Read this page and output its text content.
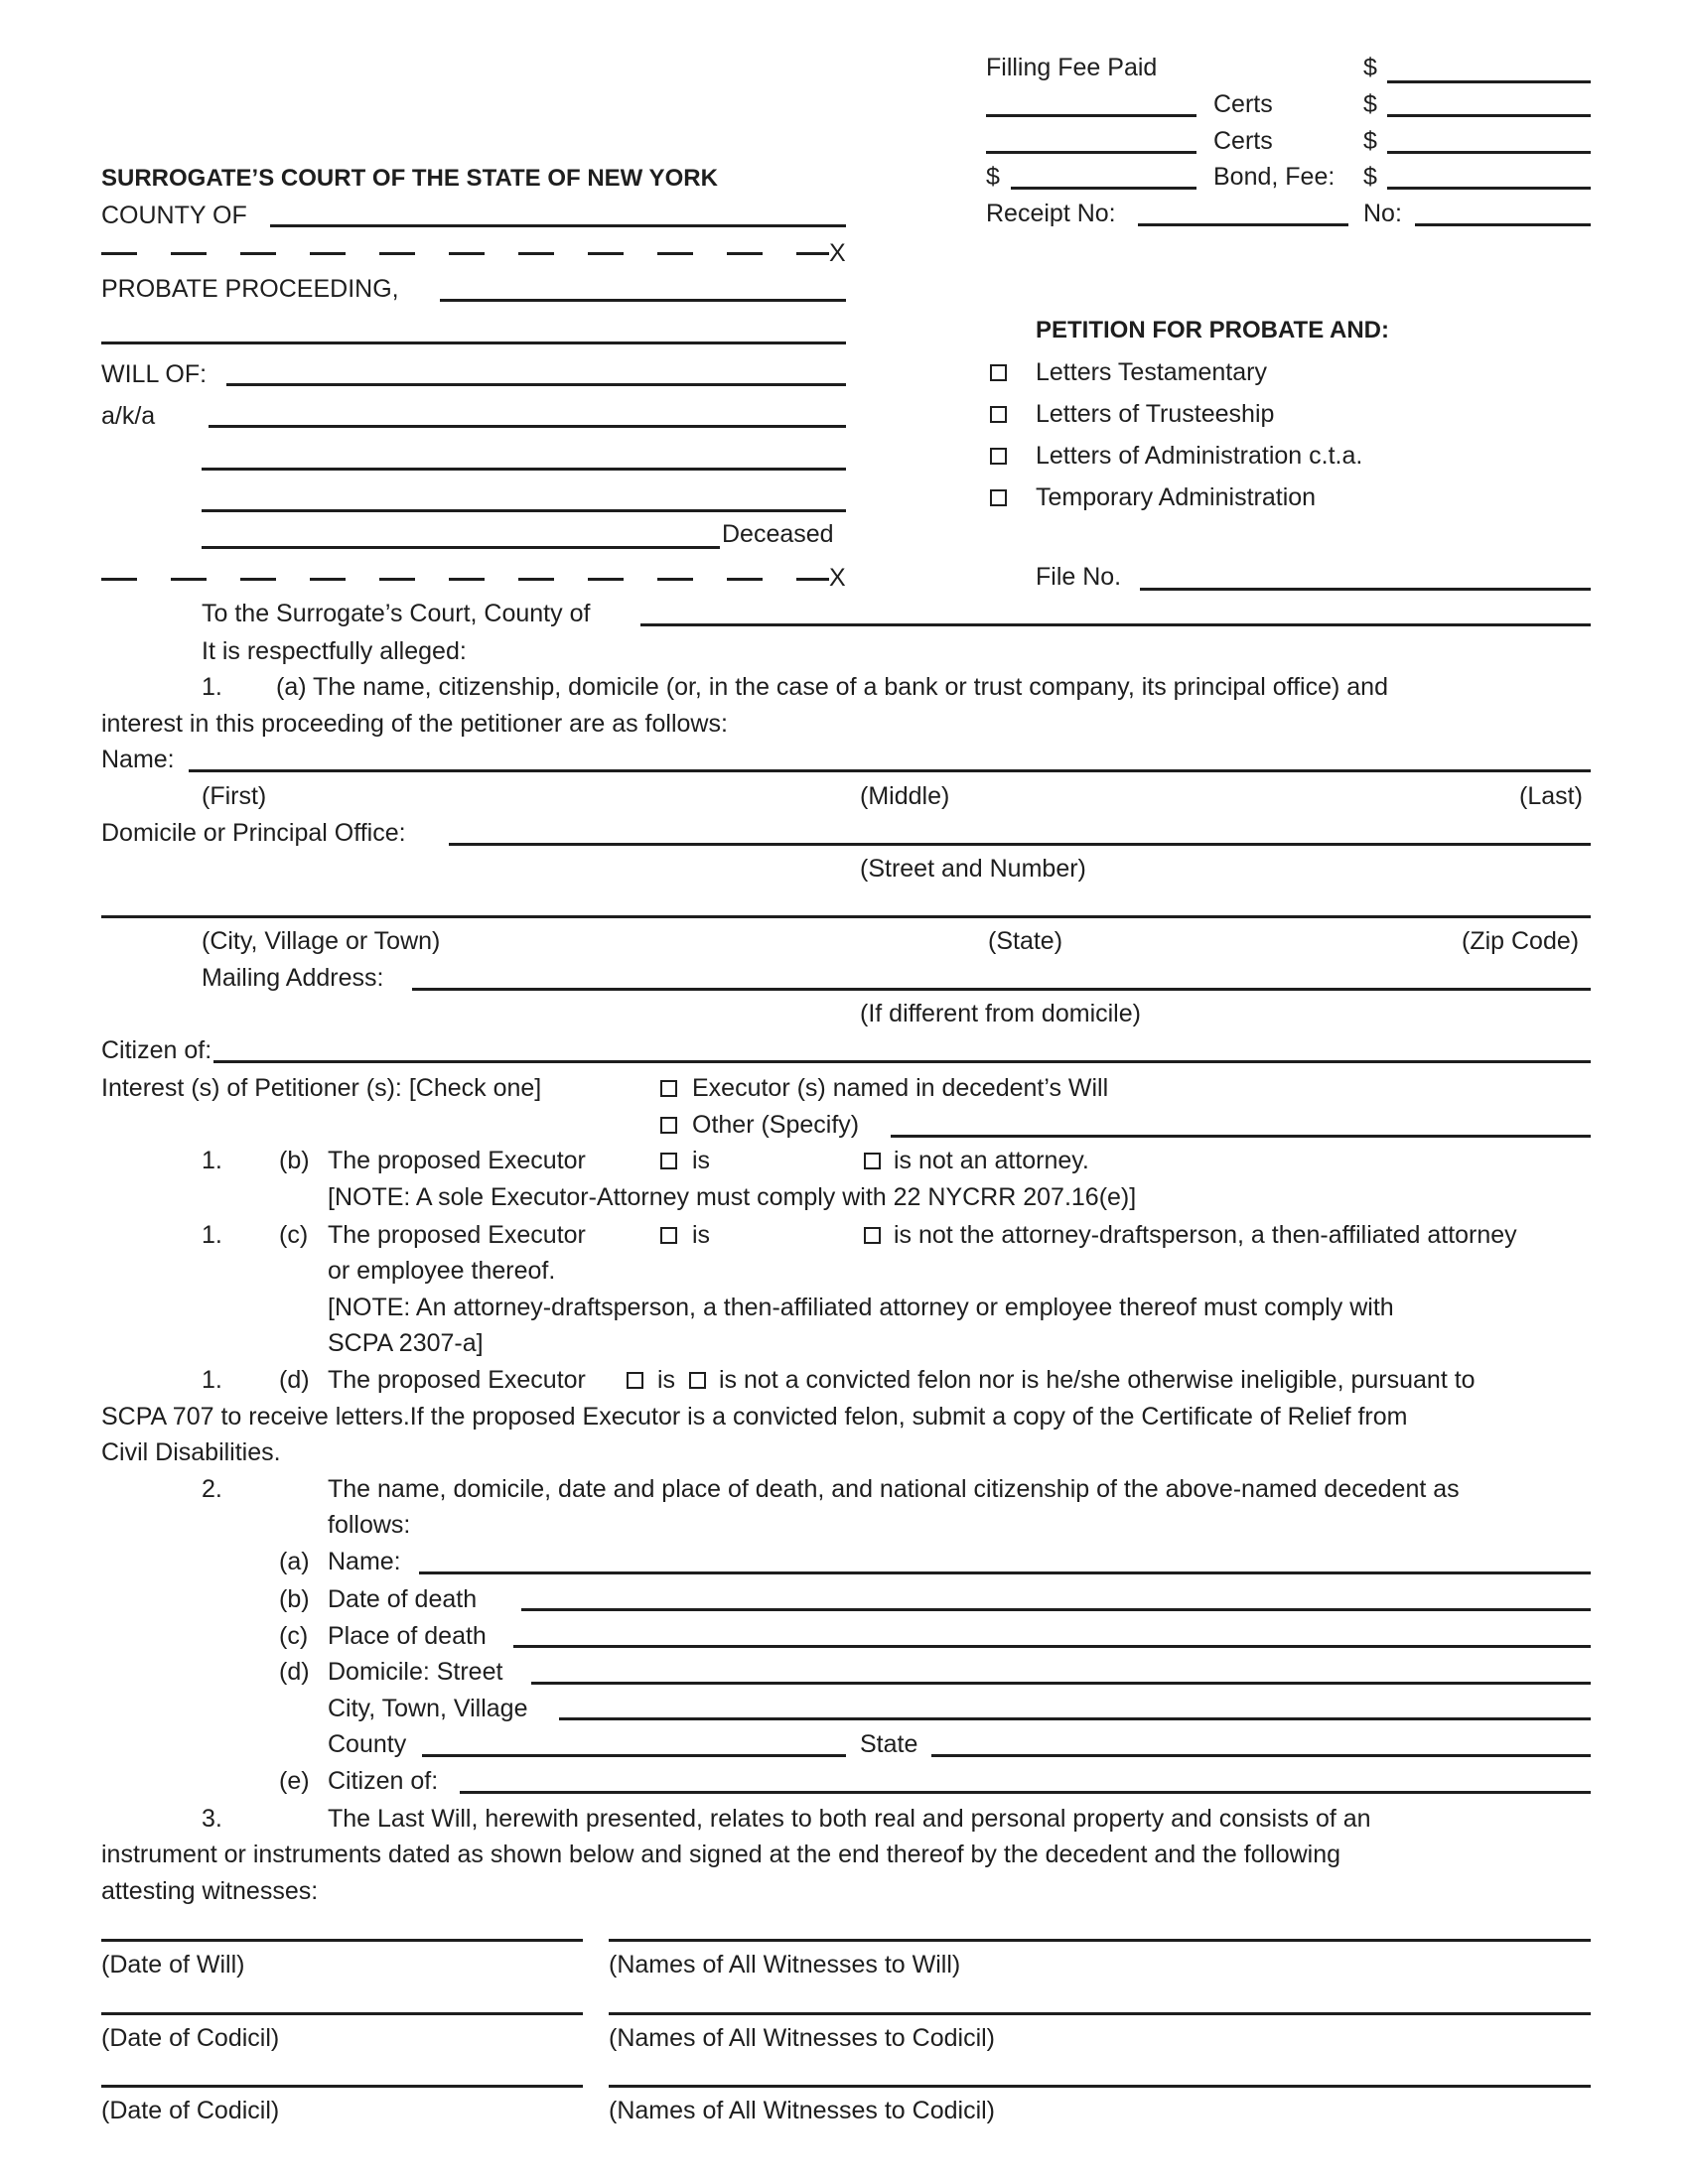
Filling Fee Paid	$
Certs	$
Certs	$
$	Bond, Fee: $
Receipt No:	No:
SURROGATE’S COURT OF THE STATE OF NEW YORK
COUNTY OF
X
PROBATE PROCEEDING,
WILL OF:
a/k/a
Deceased
X
PETITION FOR PROBATE AND:
Letters Testamentary
Letters of Trusteeship
Letters of Administration c.t.a.
Temporary Administration
File No.
To the Surrogate’s Court, County of
It is respectfully alleged:
1. (a) The name, citizenship, domicile (or, in the case of a bank or trust company, its principal office) and
interest in this proceeding of the petitioner are as follows:
Name:
(First)	(Middle)	(Last)
Domicile or Principal Office:
(Street and Number)
(City, Village or Town)	(State)	(Zip Code)
Mailing Address:
(If different from domicile)
Citizen of:
Interest (s) of Petitioner (s): [Check one]	Executor (s) named in decedent’s Will
Other (Specify)
1. (b) The proposed Executor	is	is not an attorney.
[NOTE: A sole Executor-Attorney must comply with 22 NYCRR 207.16(e)]
1. (c) The proposed Executor	is	is not the attorney-draftsperson, a then-affiliated attorney
or employee thereof.
[NOTE: An attorney-draftsperson, a then-affiliated attorney or employee thereof must comply with
SCPA 2307-a]
1. (d) The proposed Executor	is is not a convicted felon nor is he/she otherwise ineligible, pursuant to
SCPA 707 to receive letters.If the proposed Executor is a convicted felon, submit a copy of the Certificate of Relief from
Civil Disabilities.
2.	The name, domicile, date and place of death, and national citizenship of the above-named decedent as
follows:
(a) Name:
(b) Date of death
(c) Place of death
(d) Domicile: Street
City, Town, Village
County	State
(e) Citizen of:
3.	The Last Will, herewith presented, relates to both real and personal property and consists of an
instrument or instruments dated as shown below and signed at the end thereof by the decedent and the following
attesting witnesses:
(Date of Will)	(Names of All Witnesses to Will)
(Date of Codicil)	(Names of All Witnesses to Codicil)
(Date of Codicil)	(Names of All Witnesses to Codicil)
